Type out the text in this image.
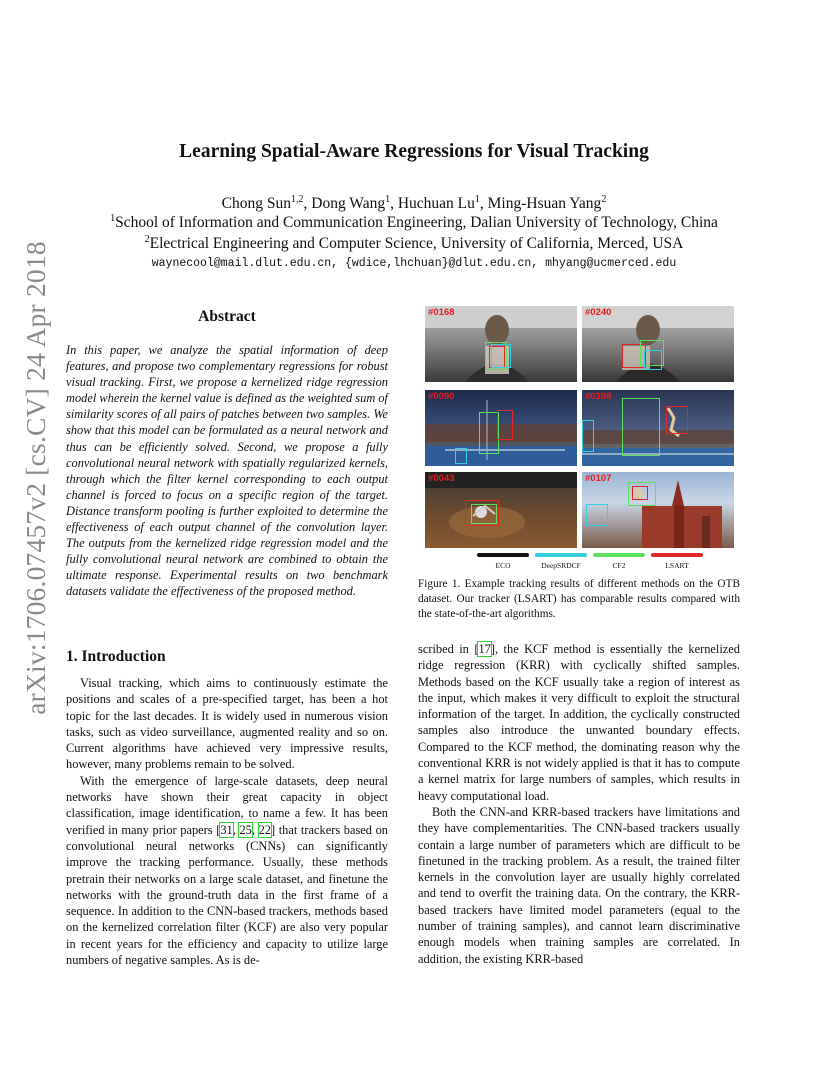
arXiv:1706.07457v2 [cs.CV] 24 Apr 2018
Learning Spatial-Aware Regressions for Visual Tracking
Chong Sun$^{1,2}$, Dong Wang$^1$, Huchuan Lu$^1$, Ming-Hsuan Yang$^2$
$^1$School of Information and Communication Engineering, Dalian University of Technology, China
$^2$Electrical Engineering and Computer Science, University of California, Merced, USA
waynecool@mail.dlut.edu.cn, {wdice,lhchuan}@dlut.edu.cn, mhyang@ucmerced.edu
Abstract

In this paper, we analyze the spatial information of deep features, and propose two complementary regressions for robust visual tracking. First, we propose a kernelized ridge regression model wherein the kernel value is defined as the weighted sum of similarity scores of all pairs of patches between two samples. We show that this model can be formulated as a neural network and thus can be efficiently solved. Second, we propose a fully convolutional neural network with spatially regularized kernels, through which the filter kernel corresponding to each output channel is forced to focus on a specific region of the target. Distance transform pooling is further exploited to determine the effectiveness of each output channel of the convolution layer. The outputs from the kernelized ridge regression model and the fully convolutional neural network are combined to obtain the ultimate response. Experimental results on two benchmark datasets validate the effectiveness of the proposed method.

1. Introduction

Visual tracking, which aims to continuously estimate the positions and scales of a pre-specified target, has been a hot topic for the last decades. It is widely used in numerous vision tasks, such as video surveillance, augmented reality and so on. Current algorithms have achieved very impressive results, however, many problems remain to be solved.

With the emergence of large-scale datasets, deep neural networks have shown their great capacity in object classification, image identification, to name a few. It has been verified in many prior papers [31, 25, 22] that trackers based on convolutional neural networks (CNNs) can significantly improve the tracking performance. Usually, these methods pretrain their networks on a large scale dataset, and finetune the networks with the ground-truth data in the first frame of a sequence. In addition to the CNN-based trackers, methods based on the kernelized correlation filter (KCF) are also very popular in recent years for the efficiency and capacity to utilize large numbers of negative samples. As is de-

#0168	#0240
#0090	#0108
#0043	#0107
ECO	DeepSRDCF	CF2	LSART

Figure 1. Example tracking results of different methods on the OTB dataset. Our tracker (LSART) has comparable results compared with the state-of-the-art algorithms.

scribed in [17], the KCF method is essentially the kernelized ridge regression (KRR) with cyclically shifted samples. Methods based on the KCF usually take a region of interest as the input, which makes it very difficult to exploit the structural information of the target. In addition, the cyclically constructed samples also introduce the unwanted boundary effects. Compared to the KCF method, the dominating reason why the conventional KRR is not widely applied is that it has to compute a kernel matrix for large numbers of samples, which results in heavy computational load.

Both the CNN-and KRR-based trackers have limitations and they have complementarities. The CNN-based trackers usually contain a large number of parameters which are difficult to be finetuned in the tracking problem. As a result, the trained filter kernels in the convolution layer are usually highly correlated and tend to overfit the training data. On the contrary, the KRR-based trackers have limited model parameters (equal to the number of training samples), and cannot learn discriminative enough models when training samples are correlated. In addition, the existing KRR-based
